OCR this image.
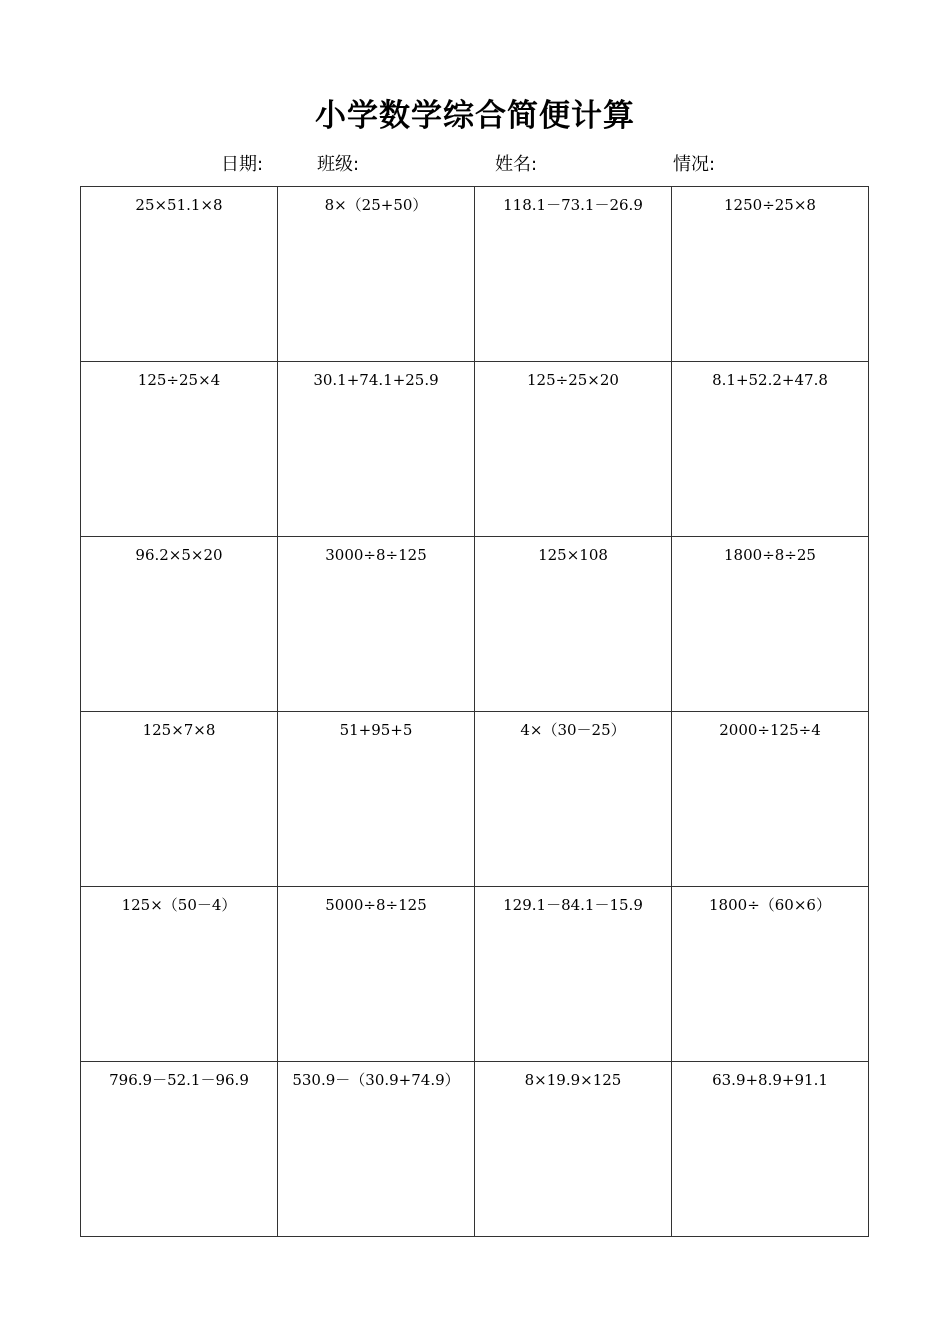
小学数学综合简便计算
日期:	班级:	姓名:	情况:
25×51.1×8	8×（25+50）	118.1－73.1－26.9	1250÷25×8
125÷25×4	30.1+74.1+25.9	125÷25×20	8.1+52.2+47.8
96.2×5×20	3000÷8÷125	125×108	1800÷8÷25
125×7×8	51+95+5	4×（30－25）	2000÷125÷4
125×（50－4）	5000÷8÷125	129.1－84.1－15.9	1800÷（60×6）
796.9－52.1－96.9	530.9－（30.9+74.9）	8×19.9×125	63.9+8.9+91.1
